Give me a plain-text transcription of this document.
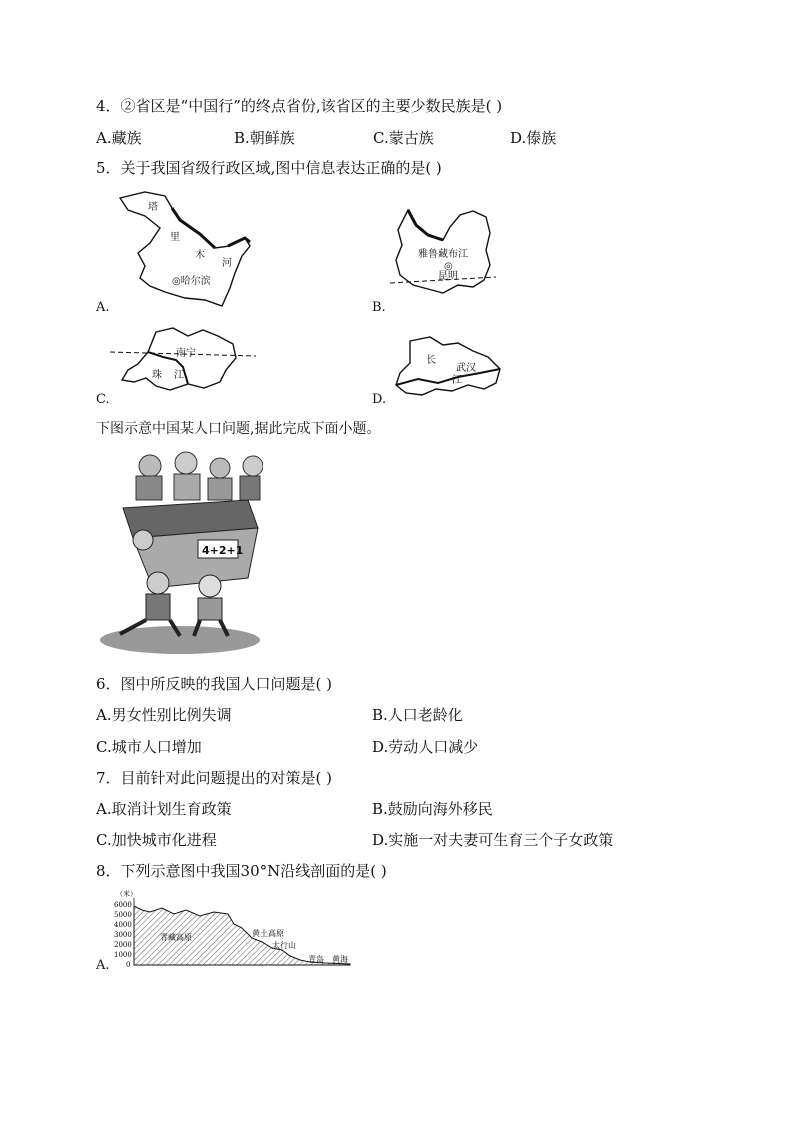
4．②省区是“中国行”的终点省份,该省区的主要少数民族是( )
A.藏族	B.朝鲜族	C.蒙古族	D.傣族
5．关于我国省级行政区域,图中信息表达正确的是( )
塔
里
木
河
◎哈尔滨
A.
雅鲁藏布江
◎
昆明
B.
南宁
珠 江
C.
长
武汉
江
D.
下图示意中国某人口问题,据此完成下面小题。
4+2+1
6．图中所反映的我国人口问题是( )
A.男女性别比例失调	B.人口老龄化
C.城市人口增加	D.劳动人口减少
7．目前针对此问题提出的对策是( )
A.取消计划生育政策	B.鼓励向海外移民
C.加快城市化进程	D.实施一对夫妻可生育三个子女政策
8．下列示意图中我国30°N沿线剖面的是( )
（米）
6000
5000
4000
3000
2000
1000
0
青藏高原	黄土高原
太行山
青岛 黄海
A.
